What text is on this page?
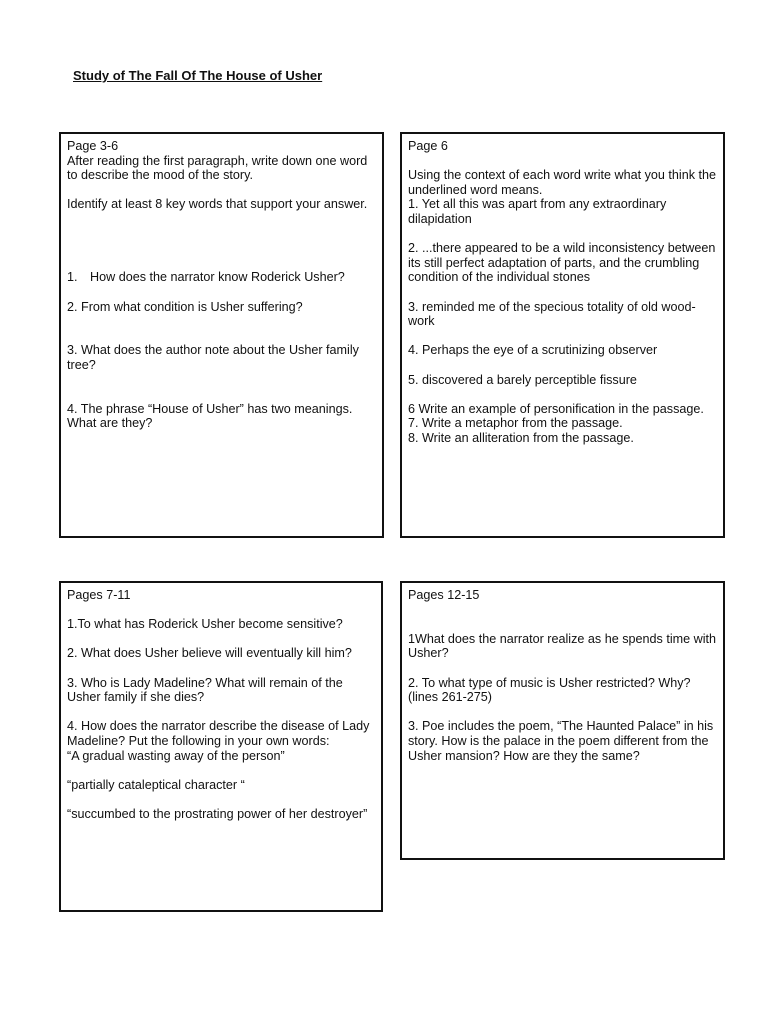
Study of The Fall Of The House of Usher

Page 3-6

After reading the first paragraph, write down one word to describe the mood of the story.

Identify at least 8 key words that support your answer.

1. How does the narrator know Roderick Usher?

2. From what condition is Usher suffering?

3. What does the author note about the Usher family tree?

4. The phrase “House of Usher” has two meanings. What are they?

Page 6

Using the context of each word write what you think the underlined word means.

1. Yet all this was apart from any extraordinary dilapidation

2. ...there appeared to be a wild inconsistency between its still perfect adaptation of parts, and the crumbling condition of the individual stones

3. reminded me of the specious totality of old wood-work

4. Perhaps the eye of a scrutinizing observer

5. discovered a barely perceptible fissure

6 Write an example of personification in the passage.

7. Write a metaphor from the passage.

8. Write an alliteration from the passage.

Pages 7-11

1.To what has Roderick Usher become sensitive?

2. What does Usher believe will eventually kill him?

3. Who is Lady Madeline? What will remain of the Usher family if she dies?

4. How does the narrator describe the disease of Lady Madeline? Put the following in your own words:

“A gradual wasting away of the person”

“partially cataleptical character “

“succumbed to the prostrating power of her destroyer”

Pages 12-15

1What does the narrator realize as he spends time with Usher?

2. To what type of music is Usher restricted? Why? (lines 261-275)

3. Poe includes the poem, “The Haunted Palace” in his story. How is the palace in the poem different from the Usher mansion? How are they the same?
